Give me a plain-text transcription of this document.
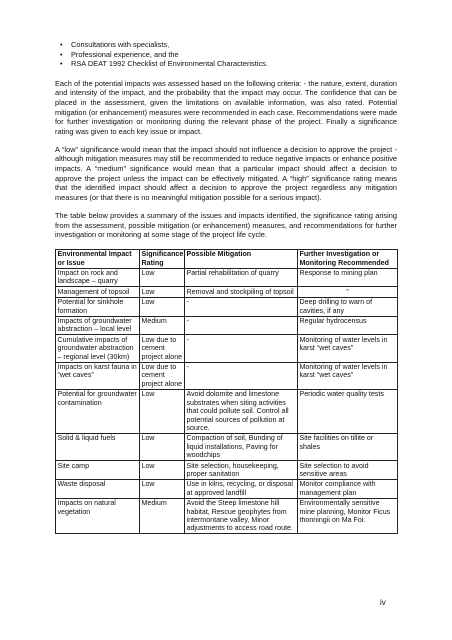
• Consultations with specialists,
• Professional experience, and the
• RSA DEAT 1992 Checklist of Environmental Characteristics.

Each of the potential impacts was assessed based on the following criteria: - the nature, extent, duration and intensity of the impact, and the probability that the impact may occur. The confidence that can be placed in the assessment, given the limitations on available information, was also rated. Potential mitigation (or enhancement) measures were recommended in each case. Recommendations were made for further investigation or monitoring during the relevant phase of the project. Finally a significance rating was given to each key issue or impact.

A “low” significance would mean that the impact should not influence a decision to approve the project - although mitigation measures may still be recommended to reduce negative impacts or enhance positive impacts. A “medium” significance would mean that a particular impact should affect a decision to approve the project unless the impact can be effectively mitigated. A “high” significance rating means that the identified impact should affect a decision to approve the project regardless any mitigation measures (or that there is no meaningful mitigation possible for a serious impact).

The table below provides a summary of the issues and impacts identified, the significance rating arising from the assessment, possible mitigation (or enhancement) measures, and recommendations for further investigation or monitoring at some stage of the project life cycle.

Environmental Impact or Issue	Significance Rating	Possible Mitigation	Further Investigation or Monitoring Recommended
Impact on rock and landscape – quarry	Low	Partial rehabilitation of quarry	Response to mining plan
Management of topsoil	Low	Removal and stockpiling of topsoil	"
Potential for sinkhole formation	Low	-	Deep drilling to warn of cavities, if any
Impacts of groundwater abstraction – local level	Medium	-	Regular hydrocensus
Cumulative impacts of groundwater abstraction – regional level (30km)	Low due to cement project alone	-	Monitoring of water levels in karst “wet caves”
Impacts on karst fauna in “wet caves”	Low due to cement project alone	-	Monitoring of water levels in karst “wet caves”
Potential for groundwater contamination	Low	Avoid dolomite and limestone substrates when siting activities that could pollute soil. Control all potential sources of pollution at source.	Periodic water quality tests
Solid & liquid fuels	Low	Compaction of soil, Bunding of liquid installations, Paving for woodchips	Site facilities on tillite or shales
Site camp	Low	Site selection, housekeeping, proper sanitation	Site selection to avoid sensitive areas
Waste disposal	Low	Use in kilns, recycling, or disposal at approved landfill	Monitor compliance with management plan
Impacts on natural vegetation	Medium	Avoid the Steep limestone hill habitat, Rescue geophytes from intermontane valley, Minor adjustments to access road route.	Environmentally sensitive mine planning, Monitor Ficus thonningii on Ma Foi.
iv
